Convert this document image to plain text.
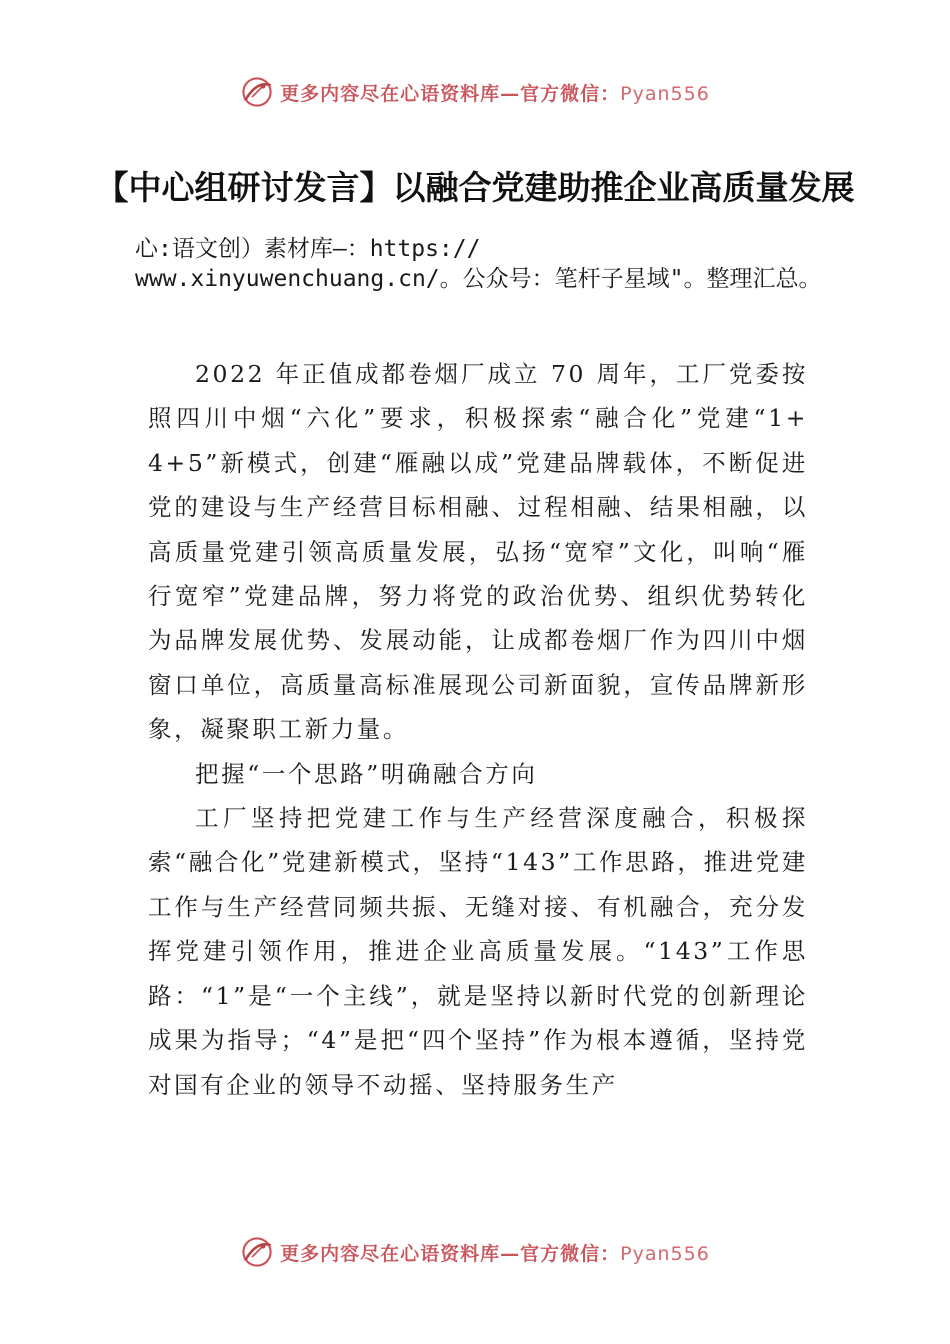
更多内容尽在心语资料库—官方微信：Pyan556
【中心组研讨发言】以融合党建助推企业高质量发展
心:语文创）素材库—：https://
www.xinyuwenchuang.cn/。公众号：笔杆子星域"。整理汇总。

2022 年正值成都卷烟厂成立 70 周年，工厂党委按照四川中烟“六化”要求，积极探索“融合化”党建“1+ 4+5”新模式，创建“雁融以成”党建品牌载体，不断促进党的建设与生产经营目标相融、过程相融、结果相融，以高质量党建引领高质量发展，弘扬“宽窄”文化，叫响“雁行宽窄”党建品牌，努力将党的政治优势、组织优势转化为品牌发展优势、发展动能，让成都卷烟厂作为四川中烟窗口单位，高质量高标准展现公司新面貌，宣传品牌新形象，凝聚职工新力量。

把握“一个思路”明确融合方向

工厂坚持把党建工作与生产经营深度融合，积极探索“融合化”党建新模式，坚持“143”工作思路，推进党建工作与生产经营同频共振、无缝对接、有机融合，充分发挥党建引领作用，推进企业高质量发展。“143”工作思路：“1”是“一个主线”，就是坚持以新时代党的创新理论成果为指导；“4”是把“四个坚持”作为根本遵循，坚持党对国有企业的领导不动摇、坚持服务生产

更多内容尽在心语资料库—官方微信：Pyan556
